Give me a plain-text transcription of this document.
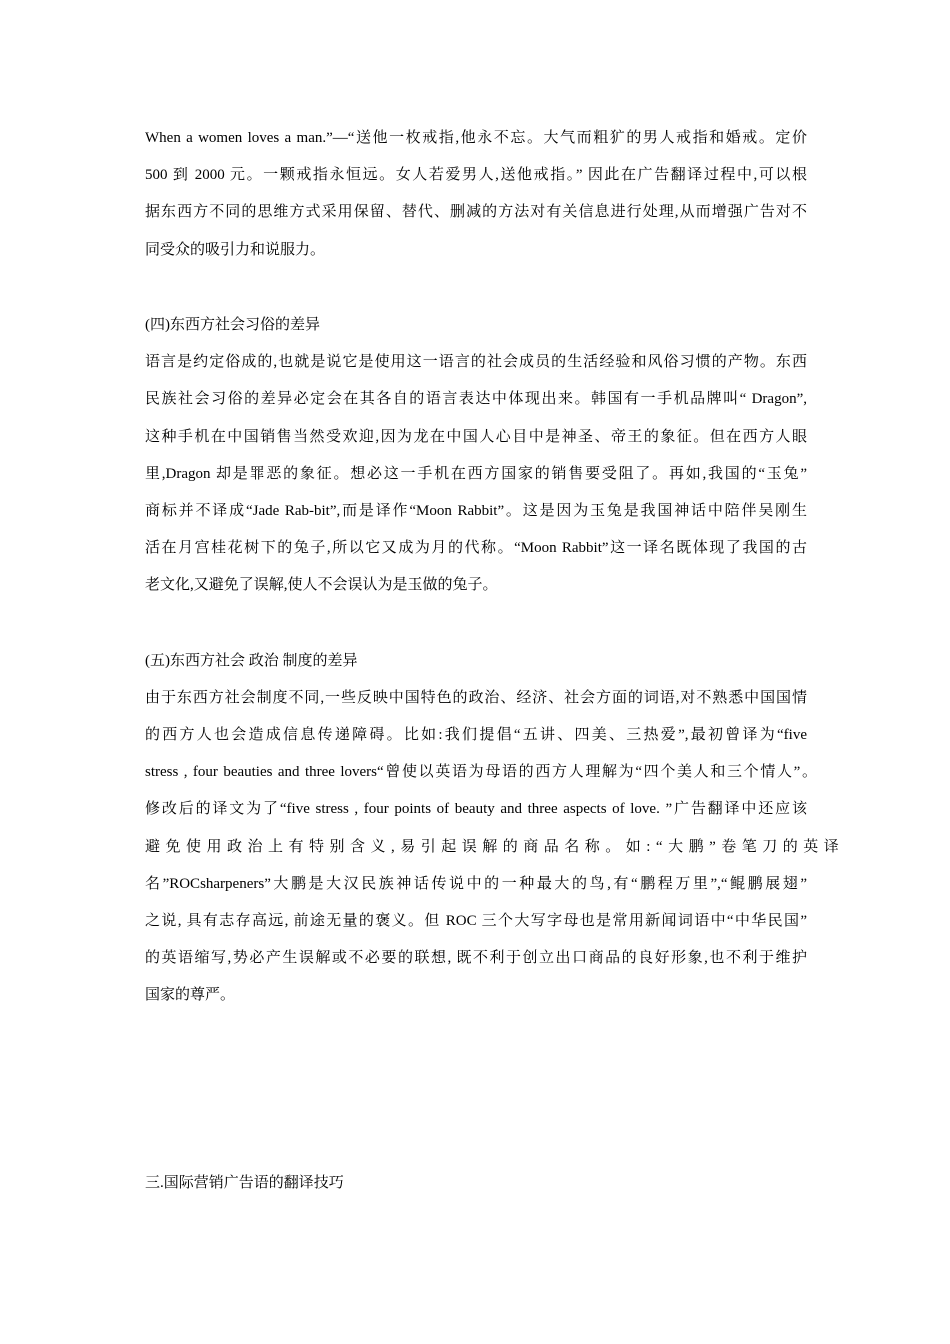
When a women loves a man.”—“送他一枚戒指,他永不忘。大气而粗犷的男人戒指和婚戒。定价
500 到 2000 元。一颗戒指永恒远。女人若爱男人,送他戒指。” 因此在广告翻译过程中,可以根
据东西方不同的思维方式采用保留、替代、删减的方法对有关信息进行处理,从而增强广告对不
同受众的吸引力和说服力。
(四)东西方社会习俗的差异
语言是约定俗成的,也就是说它是使用这一语言的社会成员的生活经验和风俗习惯的产物。东西
民族社会习俗的差异必定会在其各自的语言表达中体现出来。韩国有一手机品牌叫“ Dragon”,
这种手机在中国销售当然受欢迎,因为龙在中国人心目中是神圣、帝王的象征。但在西方人眼
里,Dragon 却是罪恶的象征。想必这一手机在西方国家的销售要受阻了。再如,我国的“玉兔”
商标并不译成“Jade Rab-bit”,而是译作“Moon Rabbit”。这是因为玉兔是我国神话中陪伴吴刚生
活在月宫桂花树下的兔子,所以它又成为月的代称。“Moon Rabbit”这一译名既体现了我国的古
老文化,又避免了误解,使人不会误认为是玉做的兔子。
(五)东西方社会 政治 制度的差异
由于东西方社会制度不同,一些反映中国特色的政治、经济、社会方面的词语,对不熟悉中国国情
的西方人也会造成信息传递障碍。比如:我们提倡“五讲、四美、三热爱”,最初曾译为“five
stress , four beauties and three lovers“曾使以英语为母语的西方人理解为“四个美人和三个情人”。
修改后的译文为了“five stress , four points of beauty and three aspects of love. ”广告翻译中还应该
避免使用政治上有特别含义,易引起误解的商品名称。如:“大鹏”卷笔刀的英译
名”ROCsharpeners”大鹏是大汉民族神话传说中的一种最大的鸟,有“鹏程万里”,“鲲鹏展翅”
之说, 具有志存高远, 前途无量的褒义。但 ROC 三个大写字母也是常用新闻词语中“中华民国”
的英语缩写,势必产生误解或不必要的联想, 既不利于创立出口商品的良好形象,也不利于维护
国家的尊严。
三.国际营销广告语的翻译技巧
